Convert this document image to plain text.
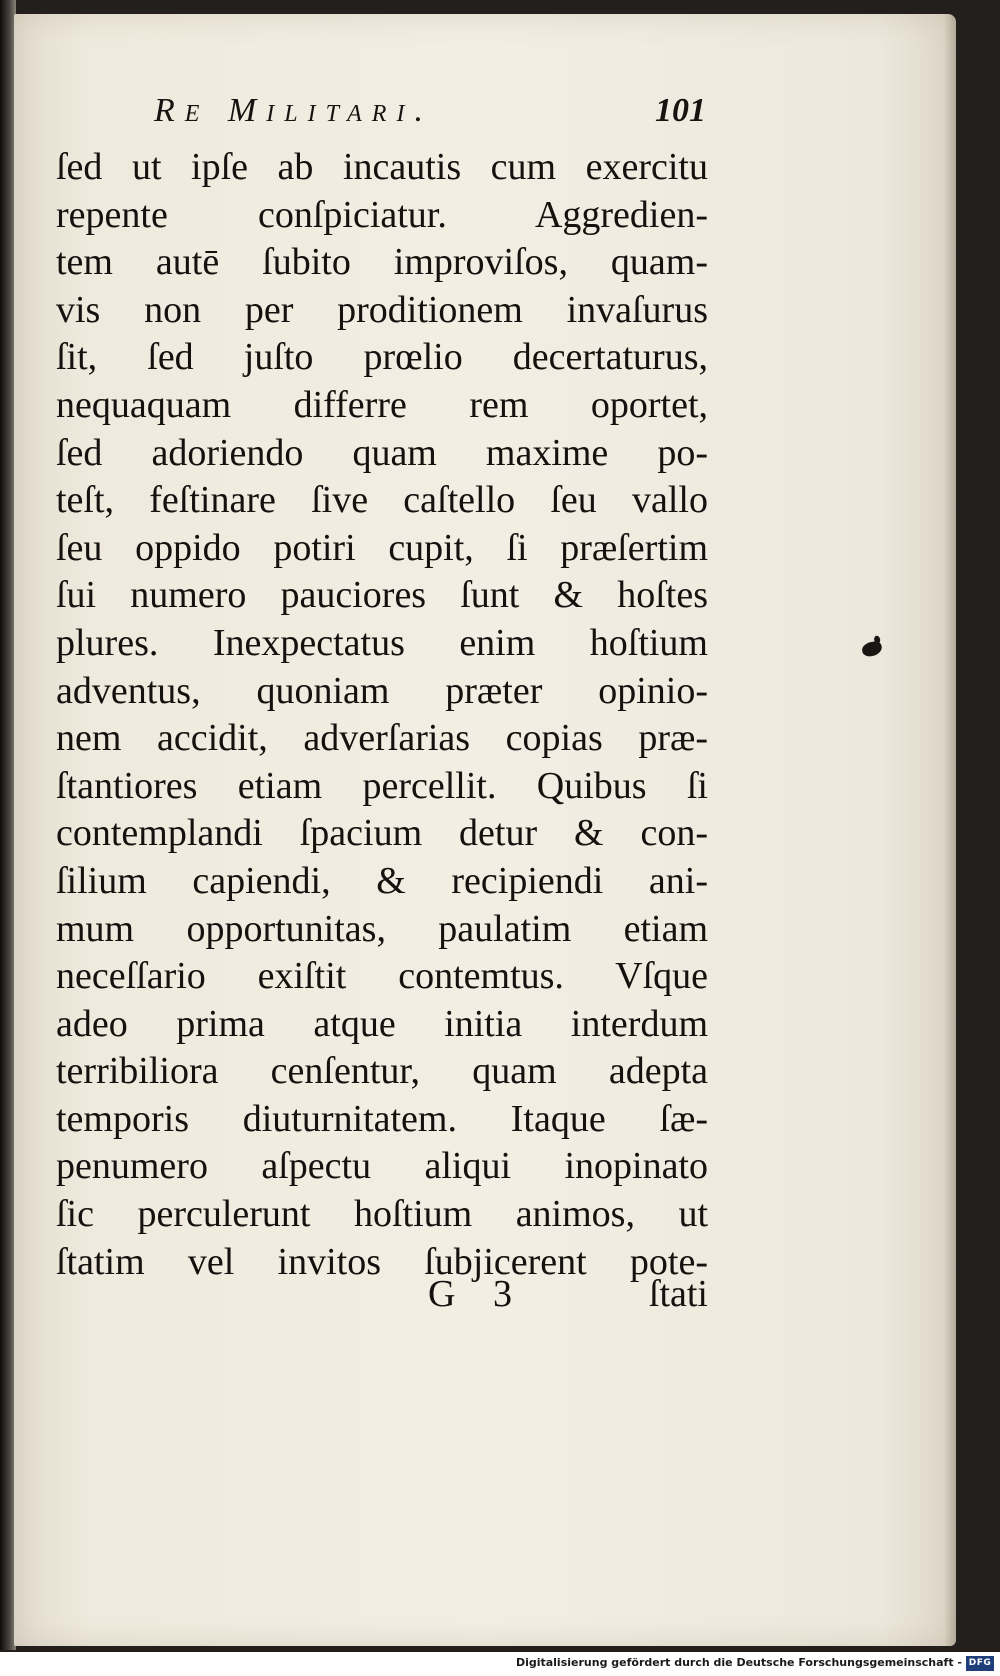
Re Militari.	101
ſed ut ipſe ab incautis cum exercitu
repente conſpiciatur. Aggredien-
tem autē ſubito improviſos, quam-
vis non per proditionem invaſurus
ſit, ſed juſto prœlio decertaturus,
nequaquam differre rem oportet,
ſed adoriendo quam maxime po-
teſt, feſtinare ſive caſtello ſeu vallo
ſeu oppido potiri cupit, ſi præſertim
ſui numero pauciores ſunt & hoſtes
plures. Inexpectatus enim hoſtium
adventus, quoniam præter opinio-
nem accidit, adverſarias copias præ-
ſtantiores etiam percellit. Quibus ſi
contemplandi ſpacium detur & con-
ſilium capiendi, & recipiendi ani-
mum opportunitas, paulatim etiam
neceſſario exiſtit contemtus. Vſque
adeo prima atque initia interdum
terribiliora cenſentur, quam adepta
temporis diuturnitatem. Itaque ſæ-
penumero aſpectu aliqui inopinato
ſic perculerunt hoſtium animos, ut
ſtatim vel invitos ſubjicerent pote-
G 3	ſtati
Digitalisierung gefördert durch die Deutsche Forschungsgemeinschaft - DFG
